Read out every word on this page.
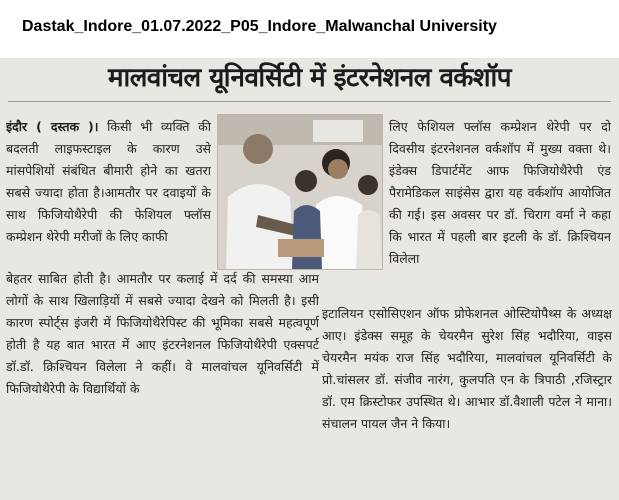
Dastak_Indore_01.07.2022_P05_Indore_Malwanchal University
मालवांचल यूनिवर्सिटी में इंटरनेशनल वर्कशॉप
इंदौर ( दस्तक )। किसी भी व्यक्ति की बदलती लाइफस्टाइल के कारण उसे मांसपेशियों संबंधित बीमारी होने का खतरा सबसे ज्यादा होता है।आमतौर पर दवाइयों के साथ फिजियोथैरेपी की फेशियल फ्लॉस कम्प्रेशन थेरेपी मरीजों के लिए काफी
बेहतर साबित होती है। आमतौर पर कलाई में दर्द की समस्या आम लोगों के साथ खिलाड़ियों में सबसे ज्यादा देखने को मिलती है। इसी कारण स्पोर्ट्स इंजरी में फिजियोथैरेपिस्ट की भूमिका सबसे महत्वपूर्ण होती है यह बात भारत में आए इंटरनेशनल फिजियोथैरेपी एक्सपर्ट डॉ.डॉ. क्रिश्चियन विलेला ने कहीं। वे मालवांचल यूनिवर्सिटी में फिजियोथैरेपी के विद्यार्थियों के
लिए फेशियल फ्लॉस कम्प्रेशन थेरेपी पर दो दिवसीय इंटरनेशनल वर्कशॉप में मुख्य वक्ता थे। इंडेक्स डिपार्टमेंट आफ फिजियोथैरेपी एंड पैरामेडिकल साइंसेस द्वारा यह वर्कशॉप आयोजित की गई। इस अवसर पर डॉ. चिराग वर्मा ने कहा कि भारत में पहली बार इटली के डॉ. क्रिश्चियन विलेला
इटालियन एसोसिएशन ऑफ प्रोफेशनल ओस्टियोपैथ्स के अध्यक्ष आए। इंडेक्स समूह के चेयरमैन सुरेश सिंह भदौरिया, वाइस चेयरमैन मयंक राज सिंह भदौरिया, मालवांचल यूनिवर्सिटी के प्रो.चांसलर डॉ. संजीव नारंग, कुलपति एन के त्रिपाठी ,रजिस्ट्रार डॉ. एम क्रिस्टोफर उपस्थित थे। आभार डॉ.वैशाली पटेल ने माना। संचालन पायल जैन ने किया।
